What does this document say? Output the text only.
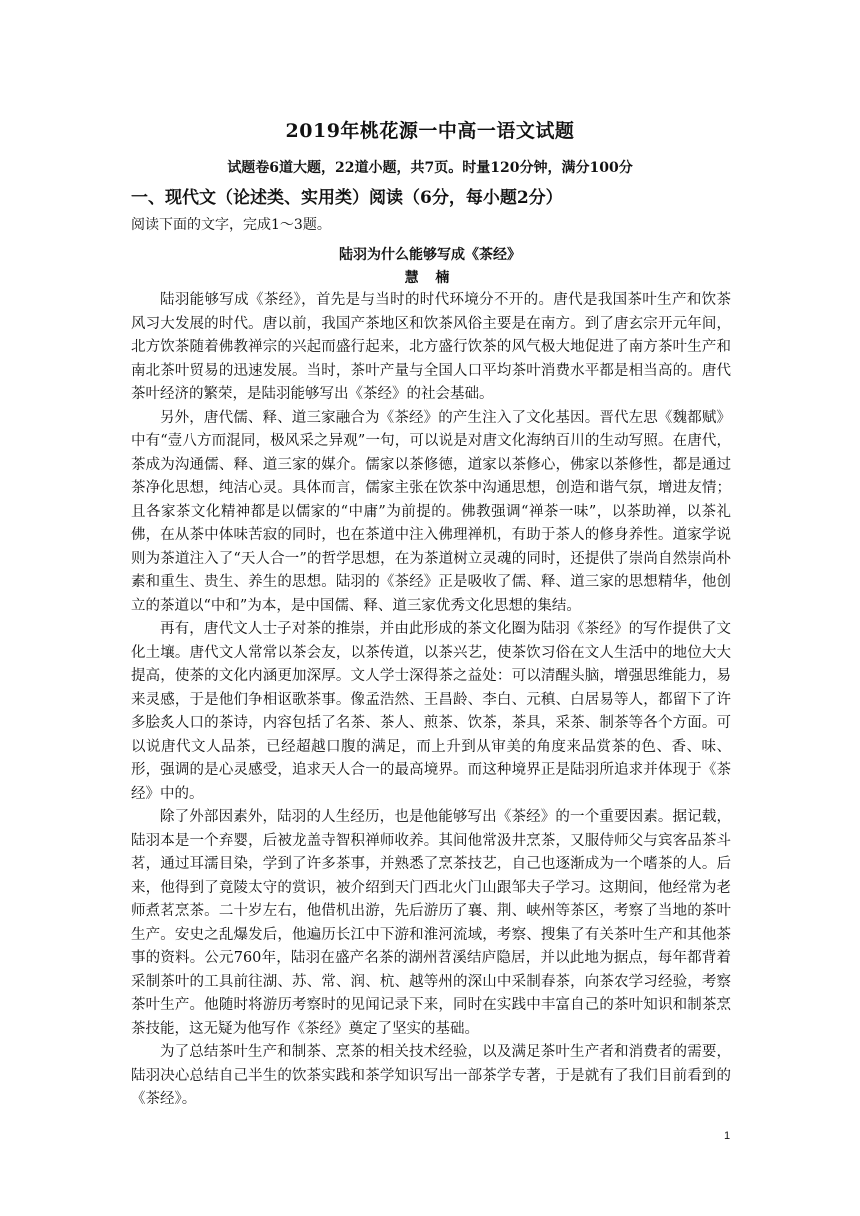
2019年桃花源一中高一语文试题
试题卷6道大题，22道小题，共7页。时量120分钟，满分100分
一、现代文（论述类、实用类）阅读（6分，每小题2分）
阅读下面的文字，完成1～3题。
陆羽为什么能够写成《茶经》
慧 楠

陆羽能够写成《茶经》，首先是与当时的时代环境分不开的。唐代是我国茶叶生产和饮茶风习大发展的时代。唐以前，我国产茶地区和饮茶风俗主要是在南方。到了唐玄宗开元年间，北方饮茶随着佛教禅宗的兴起而盛行起来，北方盛行饮茶的风气极大地促进了南方茶叶生产和南北茶叶贸易的迅速发展。当时，茶叶产量与全国人口平均茶叶消费水平都是相当高的。唐代茶叶经济的繁荣，是陆羽能够写出《茶经》的社会基础。

另外，唐代儒、释、道三家融合为《茶经》的产生注入了文化基因。晋代左思《魏都赋》中有“壹八方而混同，极风采之异观”一句，可以说是对唐文化海纳百川的生动写照。在唐代，茶成为沟通儒、释、道三家的媒介。儒家以茶修德，道家以茶修心，佛家以茶修性，都是通过茶净化思想，纯洁心灵。具体而言，儒家主张在饮茶中沟通思想，创造和谐气氛，增进友情；且各家茶文化精神都是以儒家的“中庸”为前提的。佛教强调“禅茶一味”，以茶助禅，以茶礼佛，在从茶中体味苦寂的同时，也在茶道中注入佛理禅机，有助于茶人的修身养性。道家学说则为茶道注入了“天人合一”的哲学思想，在为茶道树立灵魂的同时，还提供了崇尚自然崇尚朴素和重生、贵生、养生的思想。陆羽的《茶经》正是吸收了儒、释、道三家的思想精华，他创立的茶道以“中和”为本，是中国儒、释、道三家优秀文化思想的集结。

再有，唐代文人士子对茶的推崇，并由此形成的茶文化圈为陆羽《茶经》的写作提供了文化土壤。唐代文人常常以茶会友，以茶传道，以茶兴艺，使茶饮习俗在文人生活中的地位大大提高，使茶的文化内涵更加深厚。文人学士深得茶之益处：可以清醒头脑，增强思维能力，易来灵感，于是他们争相讴歌茶事。像孟浩然、王昌龄、李白、元稹、白居易等人，都留下了许多脍炙人口的茶诗，内容包括了名茶、茶人、煎茶、饮茶，茶具，采茶、制茶等各个方面。可以说唐代文人品茶，已经超越口腹的满足，而上升到从审美的角度来品赏茶的色、香、味、形，强调的是心灵感受，追求天人合一的最高境界。而这种境界正是陆羽所追求并体现于《茶经》中的。

除了外部因素外，陆羽的人生经历，也是他能够写出《茶经》的一个重要因素。据记载，陆羽本是一个弃婴，后被龙盖寺智积禅师收养。其间他常汲井烹茶，又服侍师父与宾客品茶斗茗，通过耳濡目染，学到了许多茶事，并熟悉了烹茶技艺，自己也逐渐成为一个嗜茶的人。后来，他得到了竟陵太守的赏识，被介绍到天门西北火门山跟邹夫子学习。这期间，他经常为老师煮茗烹茶。二十岁左右，他借机出游，先后游历了襄、荆、峡州等茶区，考察了当地的茶叶生产。安史之乱爆发后，他遍历长江中下游和淮河流域，考察、搜集了有关茶叶生产和其他茶事的资料。公元760年，陆羽在盛产名茶的湖州苕溪结庐隐居，并以此地为据点，每年都背着采制茶叶的工具前往湖、苏、常、润、杭、越等州的深山中采制春茶，向茶农学习经验，考察茶叶生产。他随时将游历考察时的见闻记录下来，同时在实践中丰富自己的茶叶知识和制茶烹茶技能，这无疑为他写作《茶经》奠定了坚实的基础。

为了总结茶叶生产和制茶、烹茶的相关技术经验，以及满足茶叶生产者和消费者的需要，陆羽决心总结自己半生的饮茶实践和茶学知识写出一部茶学专著，于是就有了我们目前看到的《茶经》。

1
